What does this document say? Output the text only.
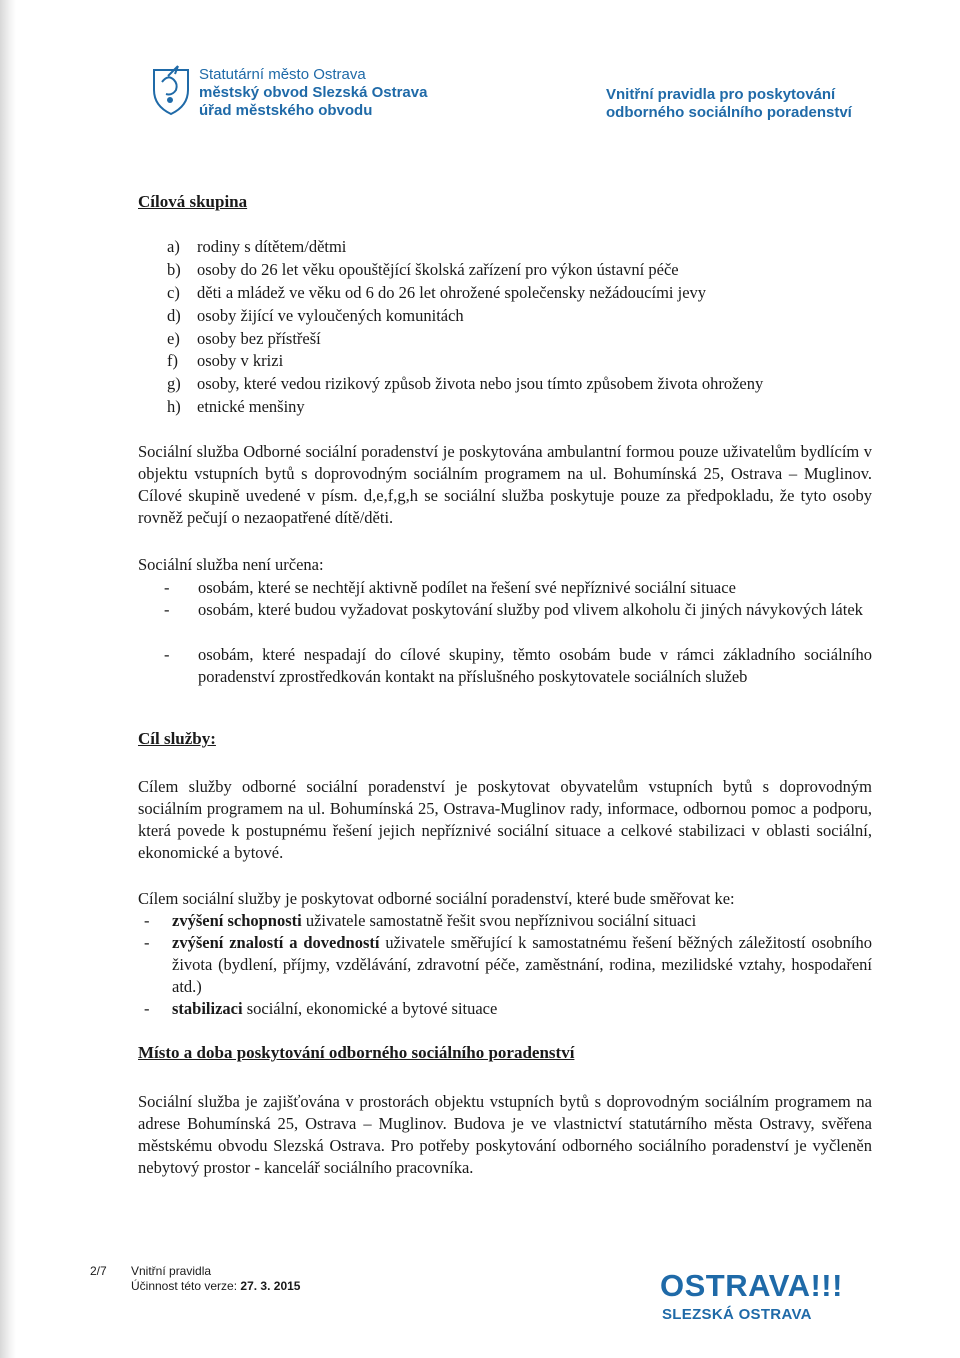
Statutární město Ostrava
městský obvod Slezská Ostrava
úřad městského obvodu
Vnitřní pravidla pro poskytování
odborného sociálního poradenství
Cílová skupina
a) rodiny s dítětem/dětmi
b) osoby do 26 let věku opouštějící školská zařízení pro výkon ústavní péče
c) děti a mládež ve věku od 6 do 26 let ohrožené společensky nežádoucími jevy
d) osoby žijící ve vyloučených komunitách
e) osoby bez přístřeší
f) osoby v krizi
g) osoby, které vedou rizikový způsob života nebo jsou tímto způsobem života ohroženy
h) etnické menšiny
Sociální služba Odborné sociální poradenství je poskytována ambulantní formou pouze uživatelům bydlícím v objektu vstupních bytů s doprovodným sociálním programem na ul. Bohumínská 25, Ostrava – Muglinov. Cílové skupině uvedené v písm. d,e,f,g,h se sociální služba poskytuje pouze za předpokladu, že tyto osoby rovněž pečují o nezaopatřené dítě/děti.
Sociální služba není určena:
- osobám, které se nechtějí aktivně podílet na řešení své nepříznivé sociální situace
- osobám, které budou vyžadovat poskytování služby pod vlivem alkoholu či jiných návykových látek
- osobám, které nespadají do cílové skupiny, těmto osobám bude v rámci základního sociálního poradenství zprostředkován kontakt na příslušného poskytovatele sociálních služeb
Cíl služby:
Cílem služby odborné sociální poradenství je poskytovat obyvatelům vstupních bytů s doprovodným sociálním programem na ul. Bohumínská 25, Ostrava-Muglinov rady, informace, odbornou pomoc a podporu, která povede k postupnému řešení jejich nepříznivé sociální situace a celkové stabilizaci v oblasti sociální, ekonomické a bytové.
Cílem sociální služby je poskytovat odborné sociální poradenství, které bude směřovat ke:
- zvýšení schopnosti uživatele samostatně řešit svou nepříznivou sociální situaci
- zvýšení znalostí a dovedností uživatele směřující k samostatnému řešení běžných záležitostí osobního života (bydlení, příjmy, vzdělávání, zdravotní péče, zaměstnání, rodina, mezilidské vztahy, hospodaření atd.)
- stabilizaci sociální, ekonomické a bytové situace
Místo a doba poskytování odborného sociálního poradenství
Sociální služba je zajišťována v prostorách objektu vstupních bytů s doprovodným sociálním programem na adrese Bohumínská 25, Ostrava – Muglinov. Budova je ve vlastnictví statutárního města Ostravy, svěřena městskému obvodu Slezská Ostrava. Pro potřeby poskytování odborného sociálního poradenství je vyčleněn nebytový prostor - kancelář sociálního pracovníka.
2/7 Vnitřní pravidla
Účinnost této verze: 27. 3. 2015	OSTRAVA!!!
SLEZSKÁ OSTRAVA
